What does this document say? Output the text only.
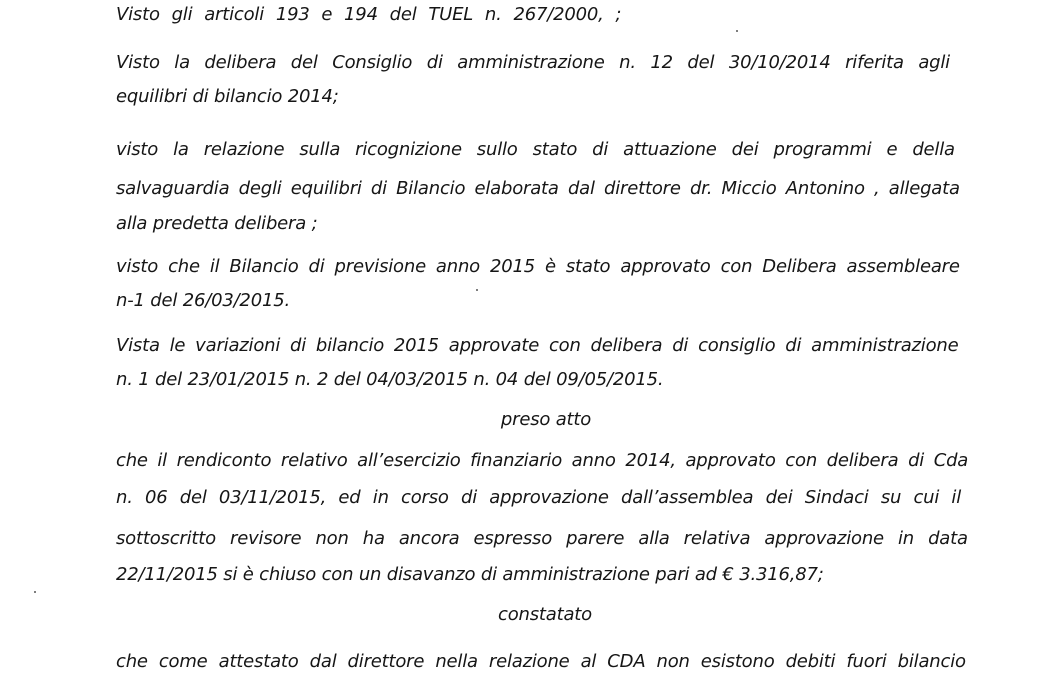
Visto gli articoli 193 e 194 del TUEL n. 267/2000, ;
Visto la delibera del Consiglio di amministrazione n. 12 del 30/10/2014 riferita agli
equilibri di bilancio 2014;
visto la relazione sulla ricognizione sullo stato di attuazione dei programmi e della
salvaguardia degli equilibri di Bilancio elaborata dal direttore dr. Miccio Antonino , allegata
alla predetta delibera ;
visto che il Bilancio di previsione anno 2015 è stato approvato con Delibera assembleare
n-1 del 26/03/2015.
Vista le variazioni di bilancio 2015 approvate con delibera di consiglio di amministrazione
n. 1 del 23/01/2015 n. 2 del 04/03/2015 n. 04 del 09/05/2015.
preso atto
che il rendiconto relativo all’esercizio finanziario anno 2014, approvato con delibera di Cda
n. 06 del 03/11/2015, ed in corso di approvazione dall’assemblea dei Sindaci su cui il
sottoscritto revisore non ha ancora espresso parere alla relativa approvazione in data
22/11/2015 si è chiuso con un disavanzo di amministrazione pari ad € 3.316,87;
constatato
che come attestato dal direttore nella relazione al CDA non esistono debiti fuori bilancio
